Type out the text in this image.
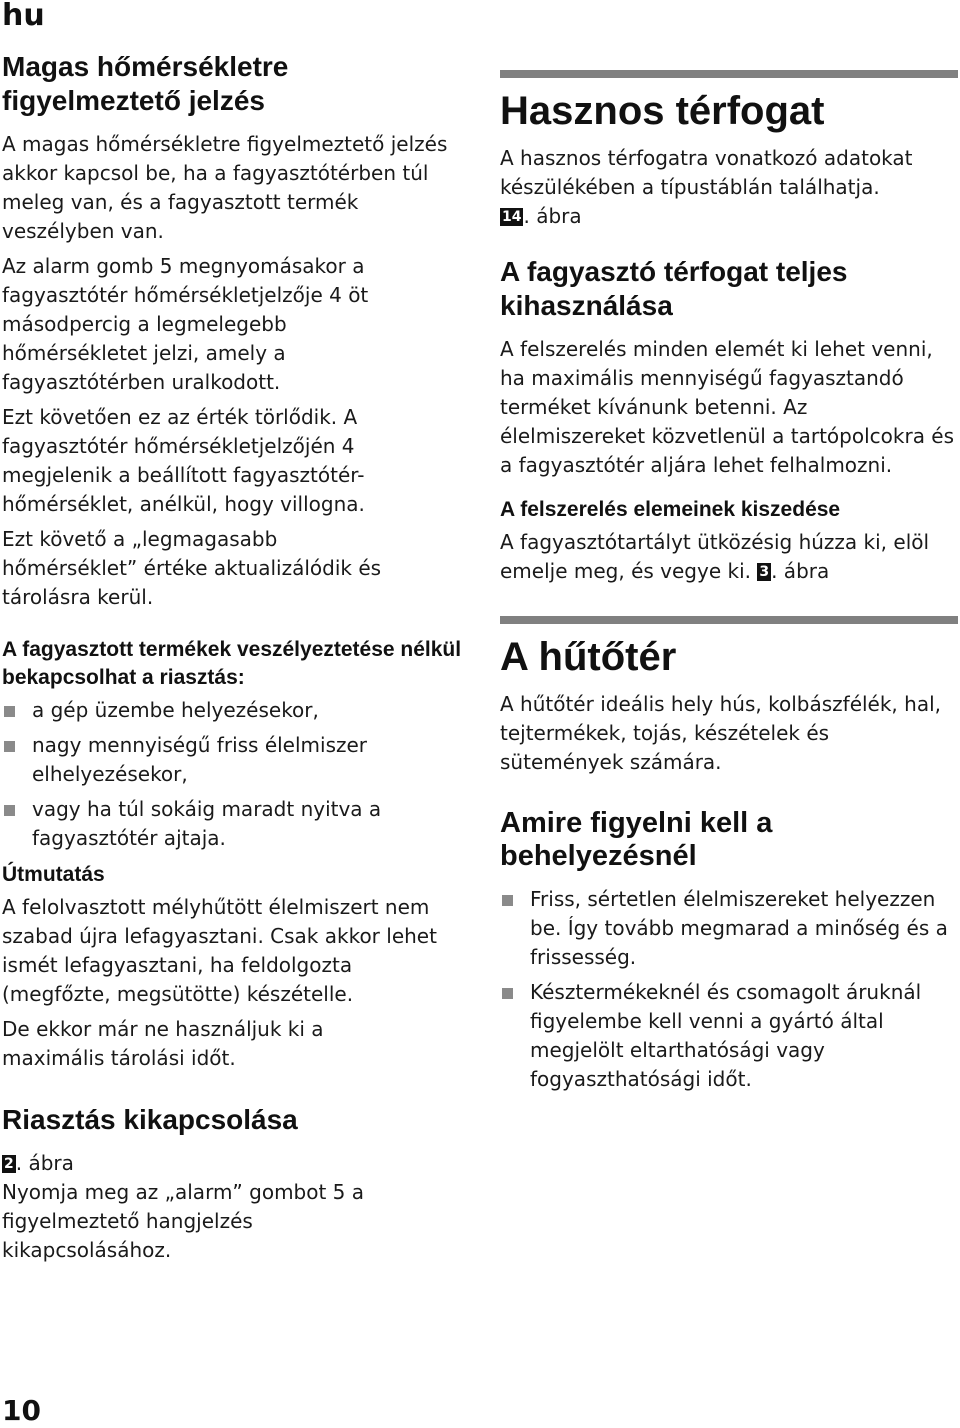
hu
Magas hőmérsékletre figyelmeztető jelzés

A magas hőmérsékletre figyelmeztető jelzés akkor kapcsol be, ha a fagyasztótérben túl meleg van, és a fagyasztott termék veszélyben van.

Az alarm gomb 5 megnyomásakor a fagyasztótér hőmérsékletjelzője 4 öt másodpercig a legmelegebb hőmérsékletet jelzi, amely a fagyasztótérben uralkodott.

Ezt követően ez az érték törlődik. A fagyasztótér hőmérsékletjelzőjén 4 megjelenik a beállított fagyasztótér-hőmérséklet, anélkül, hogy villogna.

Ezt követő a „legmagasabb hőmérséklet” értéke aktualizálódik és tárolásra kerül.

A fagyasztott termékek veszélyeztetése nélkül bekapcsolhat a riasztás:
a gép üzembe helyezésekor,
nagy mennyiségű friss élelmiszer elhelyezésekor,
vagy ha túl sokáig maradt nyitva a fagyasztótér ajtaja.
Útmutatás

A felolvasztott mélyhűtött élelmiszert nem szabad újra lefagyasztani. Csak akkor lehet ismét lefagyasztani, ha feldolgozta (megfőzte, megsütötte) készételle.

De ekkor már ne használjuk ki a maximális tárolási időt.

Riasztás kikapcsolása

2 . ábra

Nyomja meg az „alarm” gombot 5 a figyelmeztető hangjelzés kikapcsolásához.

Hasznos térfogat

A hasznos térfogatra vonatkozó adatokat készülékében a típustáblán találhatja.

14 . ábra

A fagyasztó térfogat teljes kihasználása

A felszerelés minden elemét ki lehet venni, ha maximális mennyiségű fagyasztandó terméket kívánunk betenni. Az élelmiszereket közvetlenül a tartópolcokra és a fagyasztótér aljára lehet felhalmozni.

A felszerelés elemeinek kiszedése

A fagyasztótartályt ütközésig húzza ki, elöl emelje meg, és vegye ki. 3 . ábra

A hűtőtér

A hűtőtér ideális hely hús, kolbászfélék, hal, tejtermékek, tojás, készételek és sütemények számára.

Amire figyelni kell a behelyezésnél
Friss, sértetlen élelmiszereket helyezzen be. Így tovább megmarad a minőség és a frissesség.
Késztermékeknél és csomagolt áruknál figyelembe kell venni a gyártó által megjelölt eltarthatósági vagy fogyaszthatósági időt.
10
